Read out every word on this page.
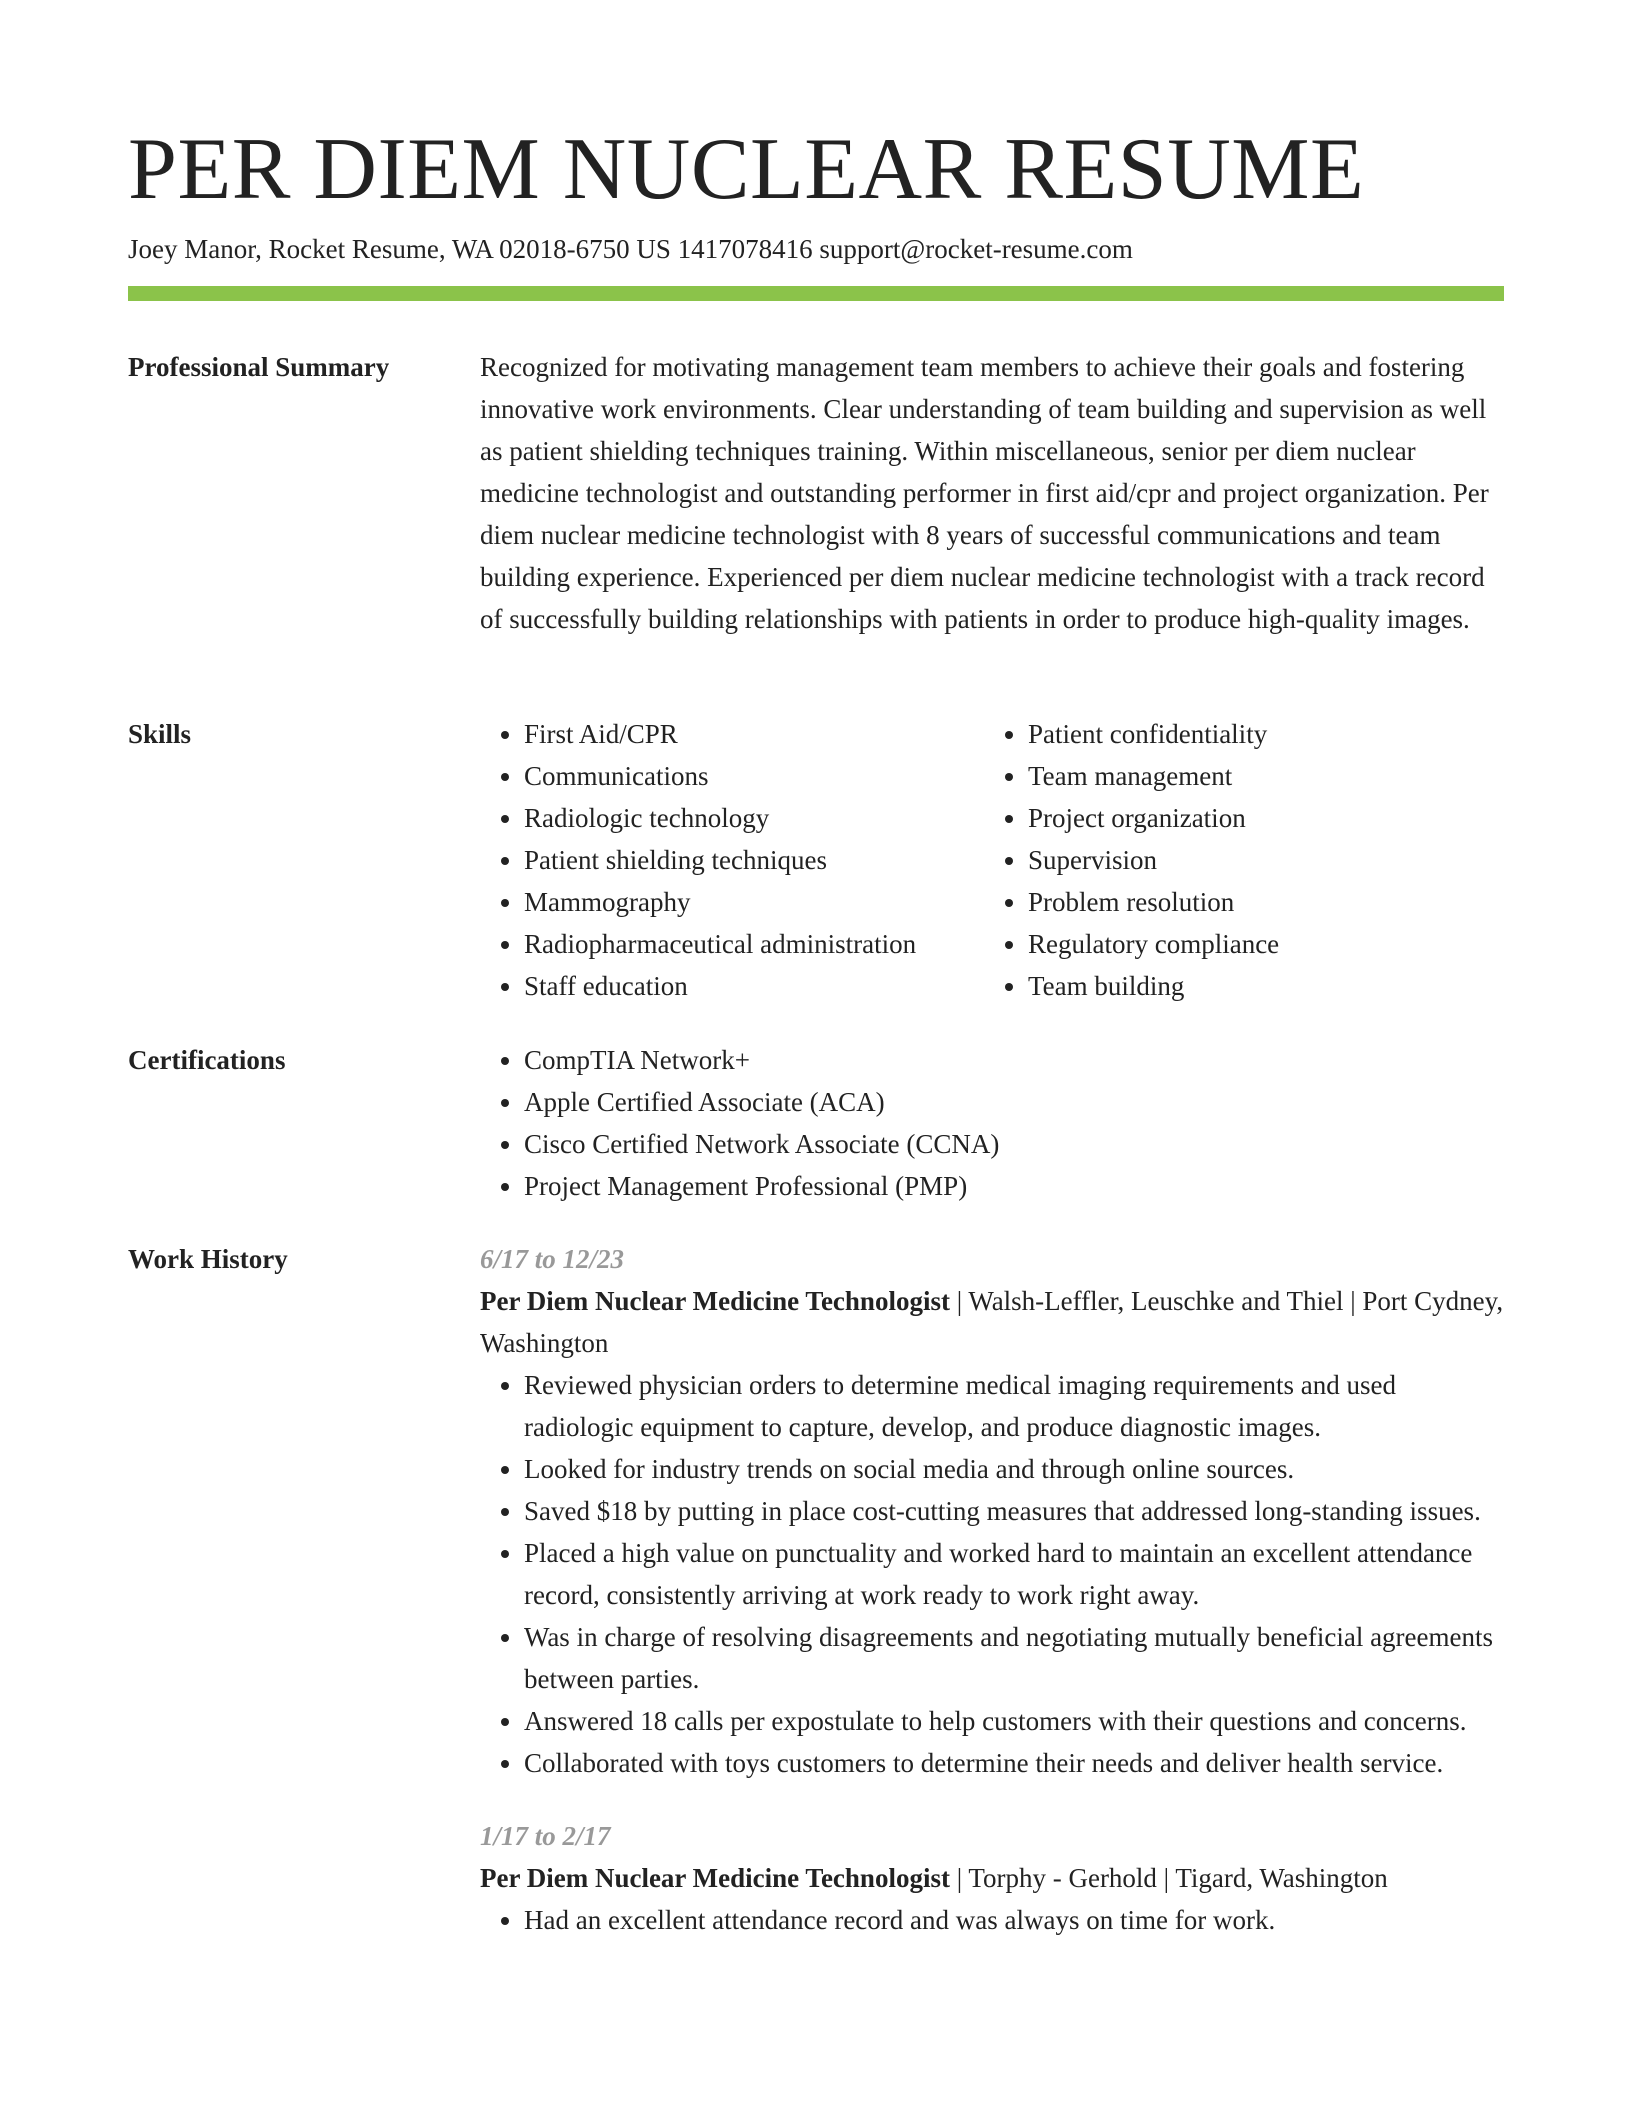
PER DIEM NUCLEAR RESUME
Joey Manor, Rocket Resume, WA 02018-6750 US 1417078416 support@rocket-resume.com
Professional Summary	Recognized for motivating management team members to achieve their goals and fostering innovative work environments. Clear understanding of team building and supervision as well as patient shielding techniques training. Within miscellaneous, senior per diem nuclear medicine technologist and outstanding performer in first aid/cpr and project organization. Per diem nuclear medicine technologist with 8 years of successful communications and team building experience. Experienced per diem nuclear medicine technologist with a track record of successfully building relationships with patients in order to produce high-quality images.

Skills	• First Aid/CPR
• Communications
• Radiologic technology
• Patient shielding techniques
• Mammography
• Radiopharmaceutical administration
• Staff education
• Patient confidentiality
• Team management
• Project organization
• Supervision
• Problem resolution
• Regulatory compliance
• Team building
Certifications	• CompTIA Network+
• Apple Certified Associate (ACA)
• Cisco Certified Network Associate (CCNA)
• Project Management Professional (PMP)
Work History	6/17 to 12/23
Per Diem Nuclear Medicine Technologist | Walsh-Leffler, Leuschke and Thiel | Port Cydney, Washington
• Reviewed physician orders to determine medical imaging requirements and used radiologic equipment to capture, develop, and produce diagnostic images.
• Looked for industry trends on social media and through online sources.
• Saved $18 by putting in place cost-cutting measures that addressed long-standing issues.
• Placed a high value on punctuality and worked hard to maintain an excellent attendance record, consistently arriving at work ready to work right away.
• Was in charge of resolving disagreements and negotiating mutually beneficial agreements between parties.
• Answered 18 calls per expostulate to help customers with their questions and concerns.
• Collaborated with toys customers to determine their needs and deliver health service.
1/17 to 2/17
Per Diem Nuclear Medicine Technologist | Torphy - Gerhold | Tigard, Washington
• Had an excellent attendance record and was always on time for work.
